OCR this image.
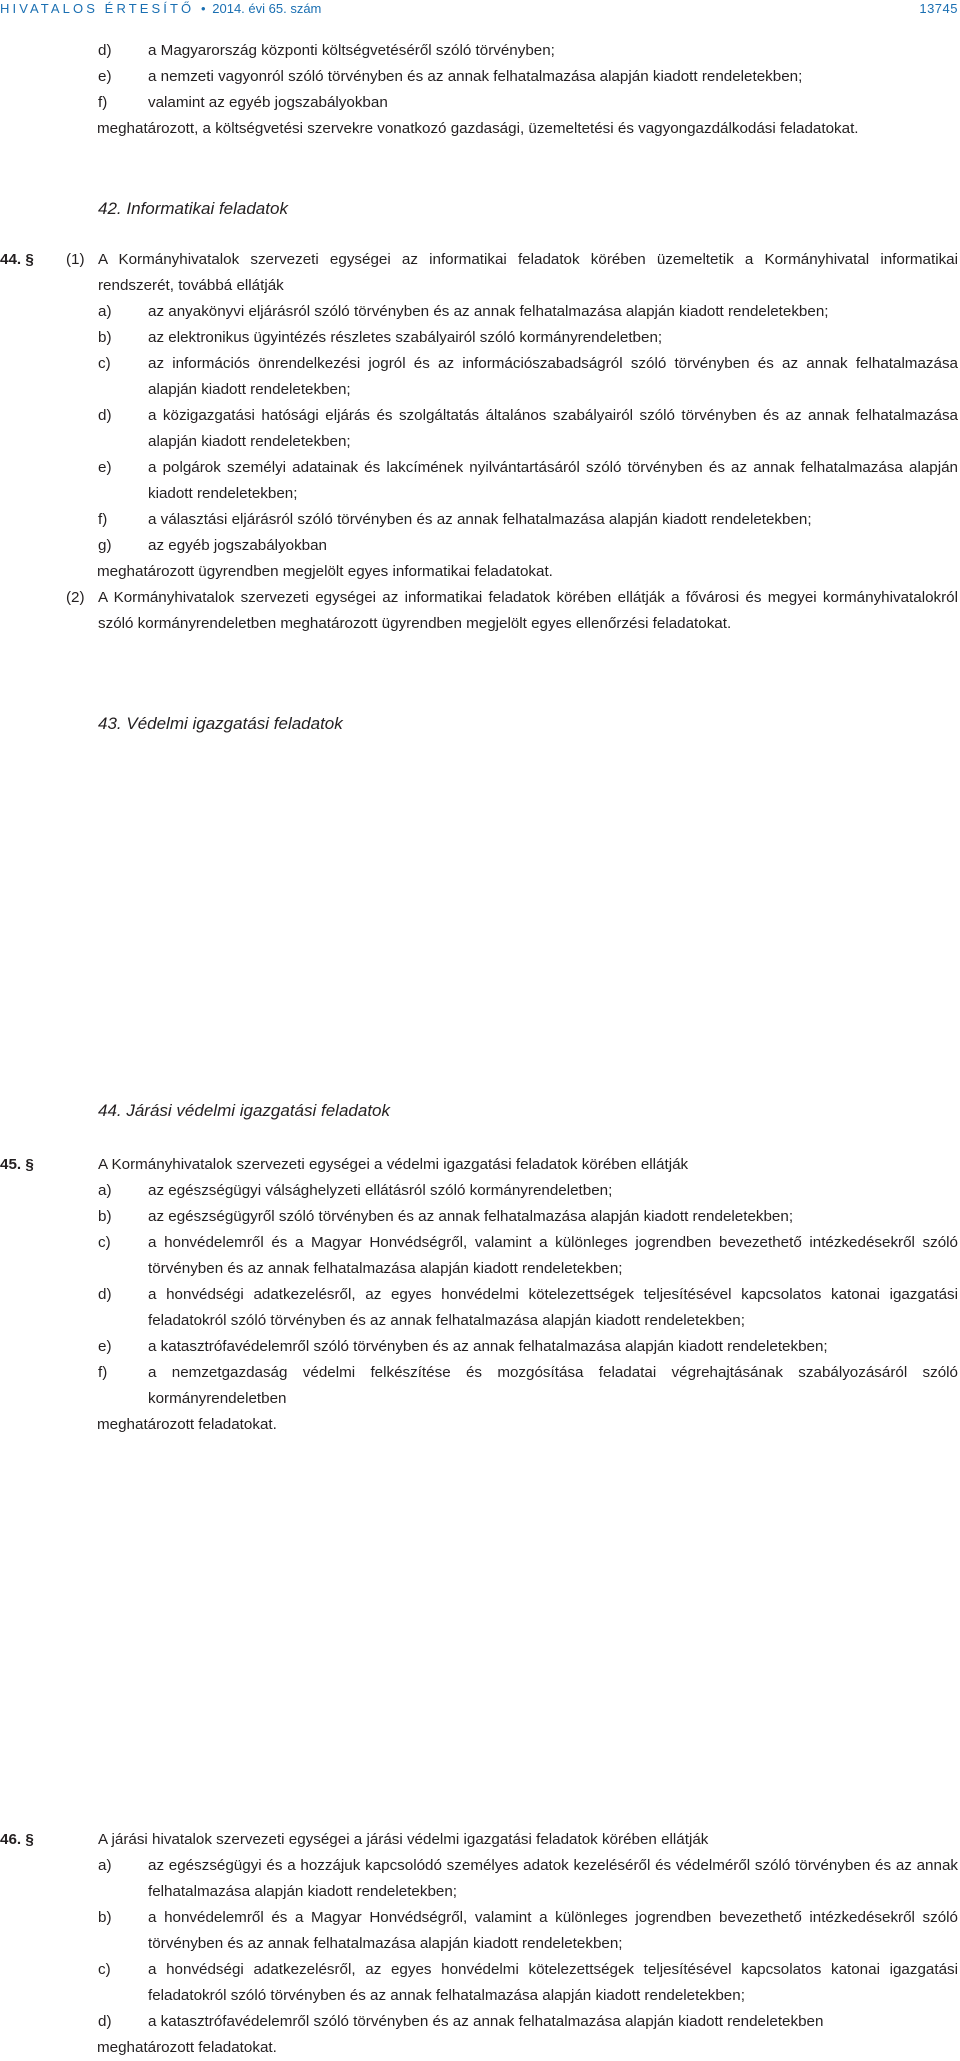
HIVATALOS ÉRTESÍTŐ • 2014. évi 65. szám	13745
d) a Magyarország központi költségvetéséről szóló törvényben;
e) a nemzeti vagyonról szóló törvényben és az annak felhatalmazása alapján kiadott rendeletekben;
f)	valamint az egyéb jogszabályokban
meghatározott, a költségvetési szervekre vonatkozó gazdasági, üzemeltetési és vagyongazdálkodási feladatokat.
42. Informatikai feladatok
44. § (1) A Kormányhivatalok szervezeti egységei az informatikai feladatok körében üzemeltetik a Kormányhivatal informatikai rendszerét, továbbá ellátják
a) az anyakönyvi eljárásról szóló törvényben és az annak felhatalmazása alapján kiadott rendeletekben;
b) az elektronikus ügyintézés részletes szabályairól szóló kormányrendeletben;
c) az információs önrendelkezési jogról és az információszabadságról szóló törvényben és az annak felhatalmazása alapján kiadott rendeletekben;
d) a közigazgatási hatósági eljárás és szolgáltatás általános szabályairól szóló törvényben és az annak felhatalmazása alapján kiadott rendeletekben;
e) a polgárok személyi adatainak és lakcímének nyilvántartásáról szóló törvényben és az annak felhatalmazása alapján kiadott rendeletekben;
f)	a választási eljárásról szóló törvényben és az annak felhatalmazása alapján kiadott rendeletekben;
g) az egyéb jogszabályokban
meghatározott ügyrendben megjelölt egyes informatikai feladatokat.
(2) A Kormányhivatalok szervezeti egységei az informatikai feladatok körében ellátják a fővárosi és megyei kormányhivatalokról szóló kormányrendeletben meghatározott ügyrendben megjelölt egyes ellenőrzési feladatokat.
43. Védelmi igazgatási feladatok
45. §	A Kormányhivatalok szervezeti egységei a védelmi igazgatási feladatok körében ellátják
a) az egészségügyi válsághelyzeti ellátásról szóló kormányrendeletben;
b) az egészségügyről szóló törvényben és az annak felhatalmazása alapján kiadott rendeletekben;
c) a honvédelemről és a Magyar Honvédségről, valamint a különleges jogrendben bevezethető intézkedésekről szóló törvényben és az annak felhatalmazása alapján kiadott rendeletekben;
d) a honvédségi adatkezelésről, az egyes honvédelmi kötelezettségek teljesítésével kapcsolatos katonai igazgatási feladatokról szóló törvényben és az annak felhatalmazása alapján kiadott rendeletekben;
e) a katasztrófavédelemről szóló törvényben és az annak felhatalmazása alapján kiadott rendeletekben;
f)	a nemzetgazdaság védelmi felkészítése és mozgósítása feladatai végrehajtásának szabályozásáról szóló kormányrendeletben
meghatározott feladatokat.
44. Járási védelmi igazgatási feladatok
46. §	A járási hivatalok szervezeti egységei a járási védelmi igazgatási feladatok körében ellátják
a) az egészségügyi és a hozzájuk kapcsolódó személyes adatok kezeléséről és védelméről szóló törvényben és az annak felhatalmazása alapján kiadott rendeletekben;
b) a honvédelemről és a Magyar Honvédségről, valamint a különleges jogrendben bevezethető intézkedésekről szóló törvényben és az annak felhatalmazása alapján kiadott rendeletekben;
c) a honvédségi adatkezelésről, az egyes honvédelmi kötelezettségek teljesítésével kapcsolatos katonai igazgatási feladatokról szóló törvényben és az annak felhatalmazása alapján kiadott rendeletekben;
d) a katasztrófavédelemről szóló törvényben és az annak felhatalmazása alapján kiadott rendeletekben
meghatározott feladatokat.
